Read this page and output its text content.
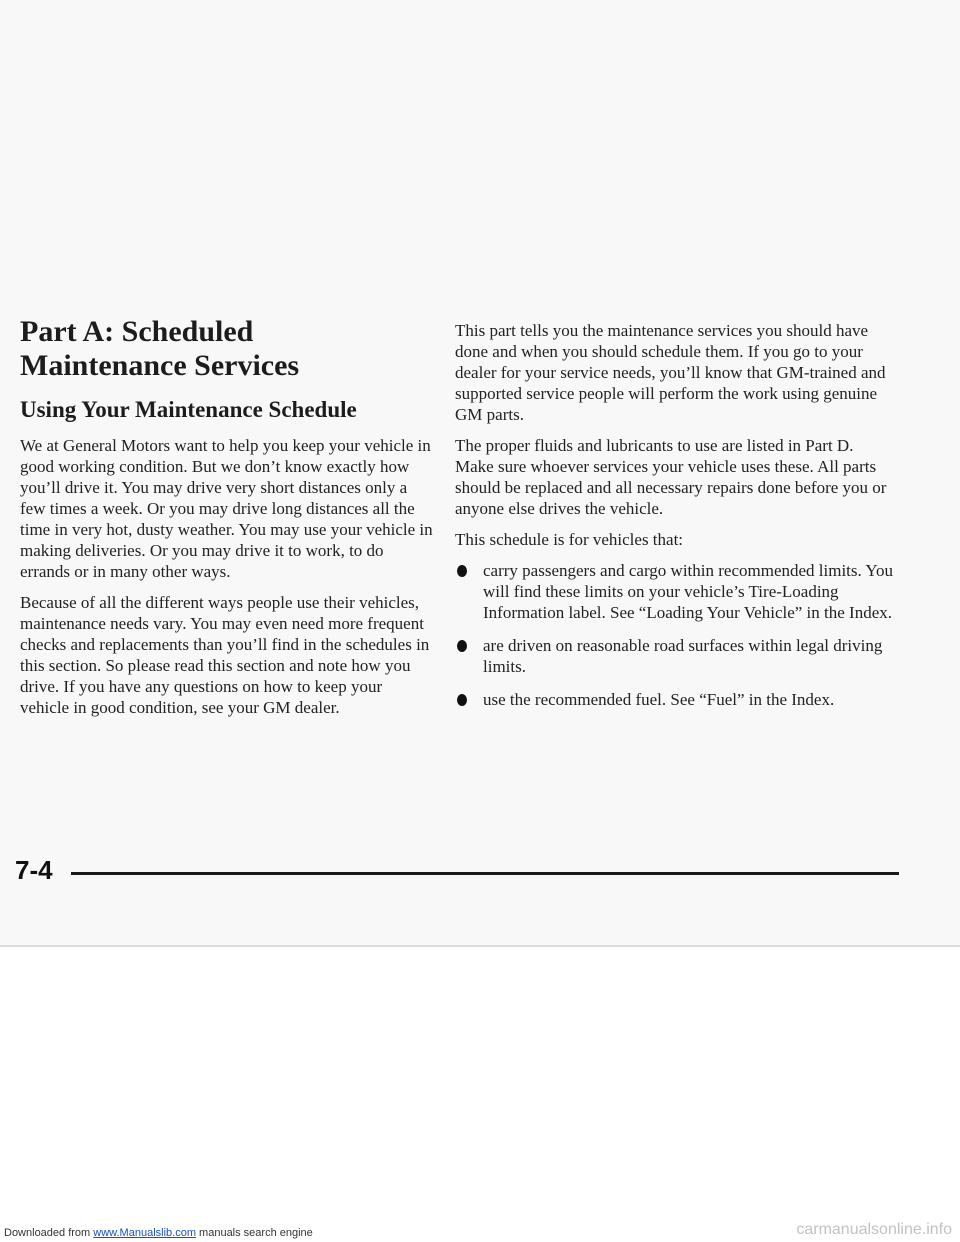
Part A: Scheduled Maintenance Services
Using Your Maintenance Schedule

We at General Motors want to help you keep your vehicle in good working condition. But we don’t know exactly how you’ll drive it. You may drive very short distances only a few times a week. Or you may drive long distances all the time in very hot, dusty weather. You may use your vehicle in making deliveries. Or you may drive it to work, to do errands or in many other ways.

Because of all the different ways people use their vehicles, maintenance needs vary. You may even need more frequent checks and replacements than you’ll find in the schedules in this section. So please read this section and note how you drive. If you have any questions on how to keep your vehicle in good condition, see your GM dealer.

This part tells you the maintenance services you should have done and when you should schedule them. If you go to your dealer for your service needs, you’ll know that GM-trained and supported service people will perform the work using genuine GM parts.

The proper fluids and lubricants to use are listed in Part D. Make sure whoever services your vehicle uses these. All parts should be replaced and all necessary repairs done before you or anyone else drives the vehicle.

This schedule is for vehicles that:

carry passengers and cargo within recommended limits. You will find these limits on your vehicle’s Tire-Loading Information label. See “Loading Your Vehicle” in the Index.
are driven on reasonable road surfaces within legal driving limits.
use the recommended fuel. See “Fuel” in the Index.
7-4
Downloaded from www.Manualslib.com manuals search engine	carmanualsonline.info
